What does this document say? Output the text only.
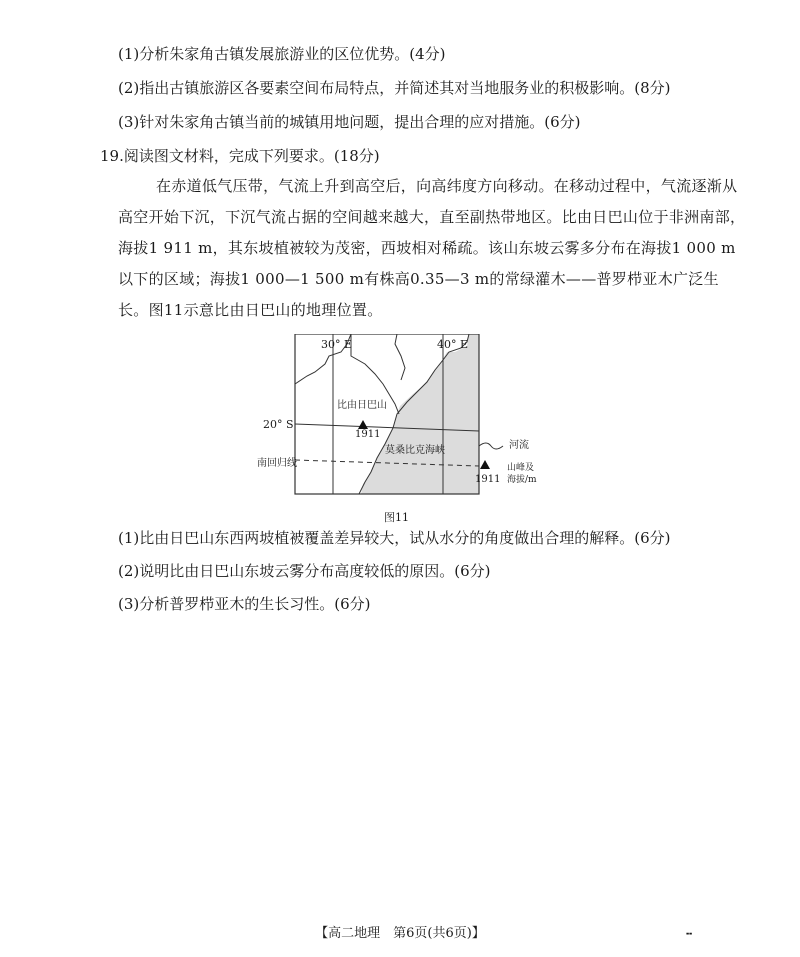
(1)分析朱家角古镇发展旅游业的区位优势。(4分)
(2)指出古镇旅游区各要素空间布局特点，并简述其对当地服务业的积极影响。(8分)
(3)针对朱家角古镇当前的城镇用地问题，提出合理的应对措施。(6分)
19.阅读图文材料，完成下列要求。(18分)
在赤道低气压带，气流上升到高空后，向高纬度方向移动。在移动过程中，气流逐渐从
高空开始下沉，下沉气流占据的空间越来越大，直至副热带地区。比由日巴山位于非洲南部，
海拔1 911 m，其东坡植被较为茂密，西坡相对稀疏。该山东坡云雾多分布在海拔1 000 m
以下的区域；海拔1 000—1 500 m有株高0.35—3 m的常绿灌木——普罗栉亚木广泛生
长。图11示意比由日巴山的地理位置。
30° E	40° E
20° S
南回归线
比由日巴山
1911
莫桑比克海峡	河流
山峰及
海拔/m
1911
图11
(1)比由日巴山东西两坡植被覆盖差异较大，试从水分的角度做出合理的解释。(6分)
(2)说明比由日巴山东坡云雾分布高度较低的原因。(6分)
(3)分析普罗栉亚木的生长习性。(6分)
【高二地理　第6页(共6页)】	╍
